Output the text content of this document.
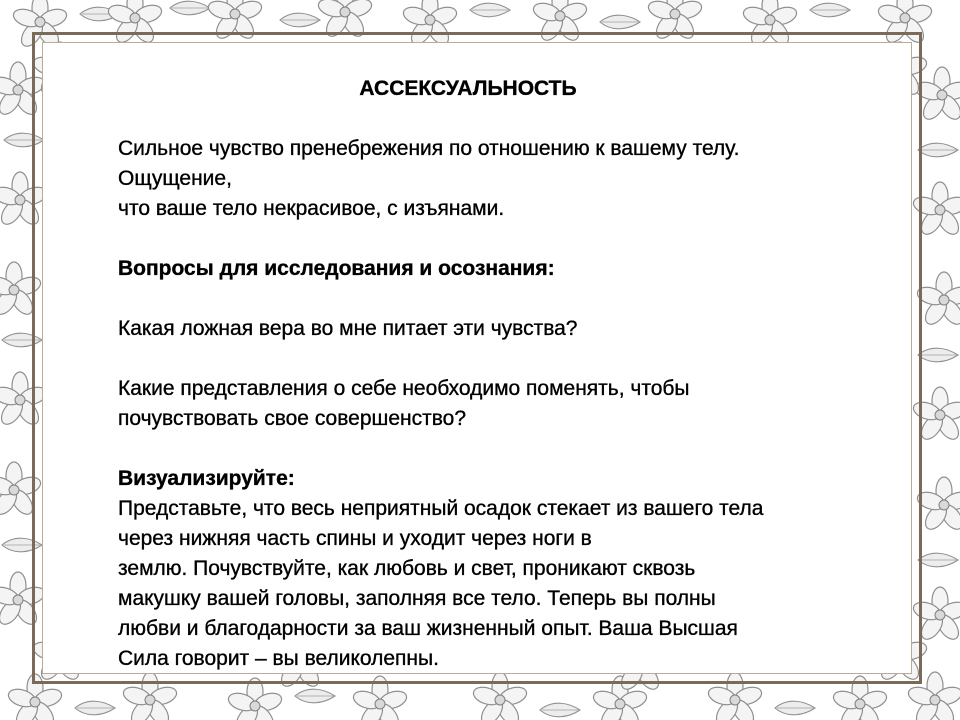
АССЕКСУАЛЬНОСТЬ

Сильное чувство пренебрежения по отношению к вашему телу.

Ощущение,

что ваше тело некрасивое, с изъянами.

Вопросы для исследования и осознания:

Какая ложная вера во мне питает эти чувства?

Какие представления о себе необходимо поменять, чтобы

почувствовать свое совершенство?

Визуализируйте:

Представьте, что весь неприятный осадок стекает из вашего тела

через нижняя часть спины и уходит через ноги в

землю. Почувствуйте, как любовь и свет, проникают сквозь

макушку вашей головы, заполняя все тело. Теперь вы полны

любви и благодарности за ваш жизненный опыт. Ваша Высшая

Сила говорит – вы великолепны.
